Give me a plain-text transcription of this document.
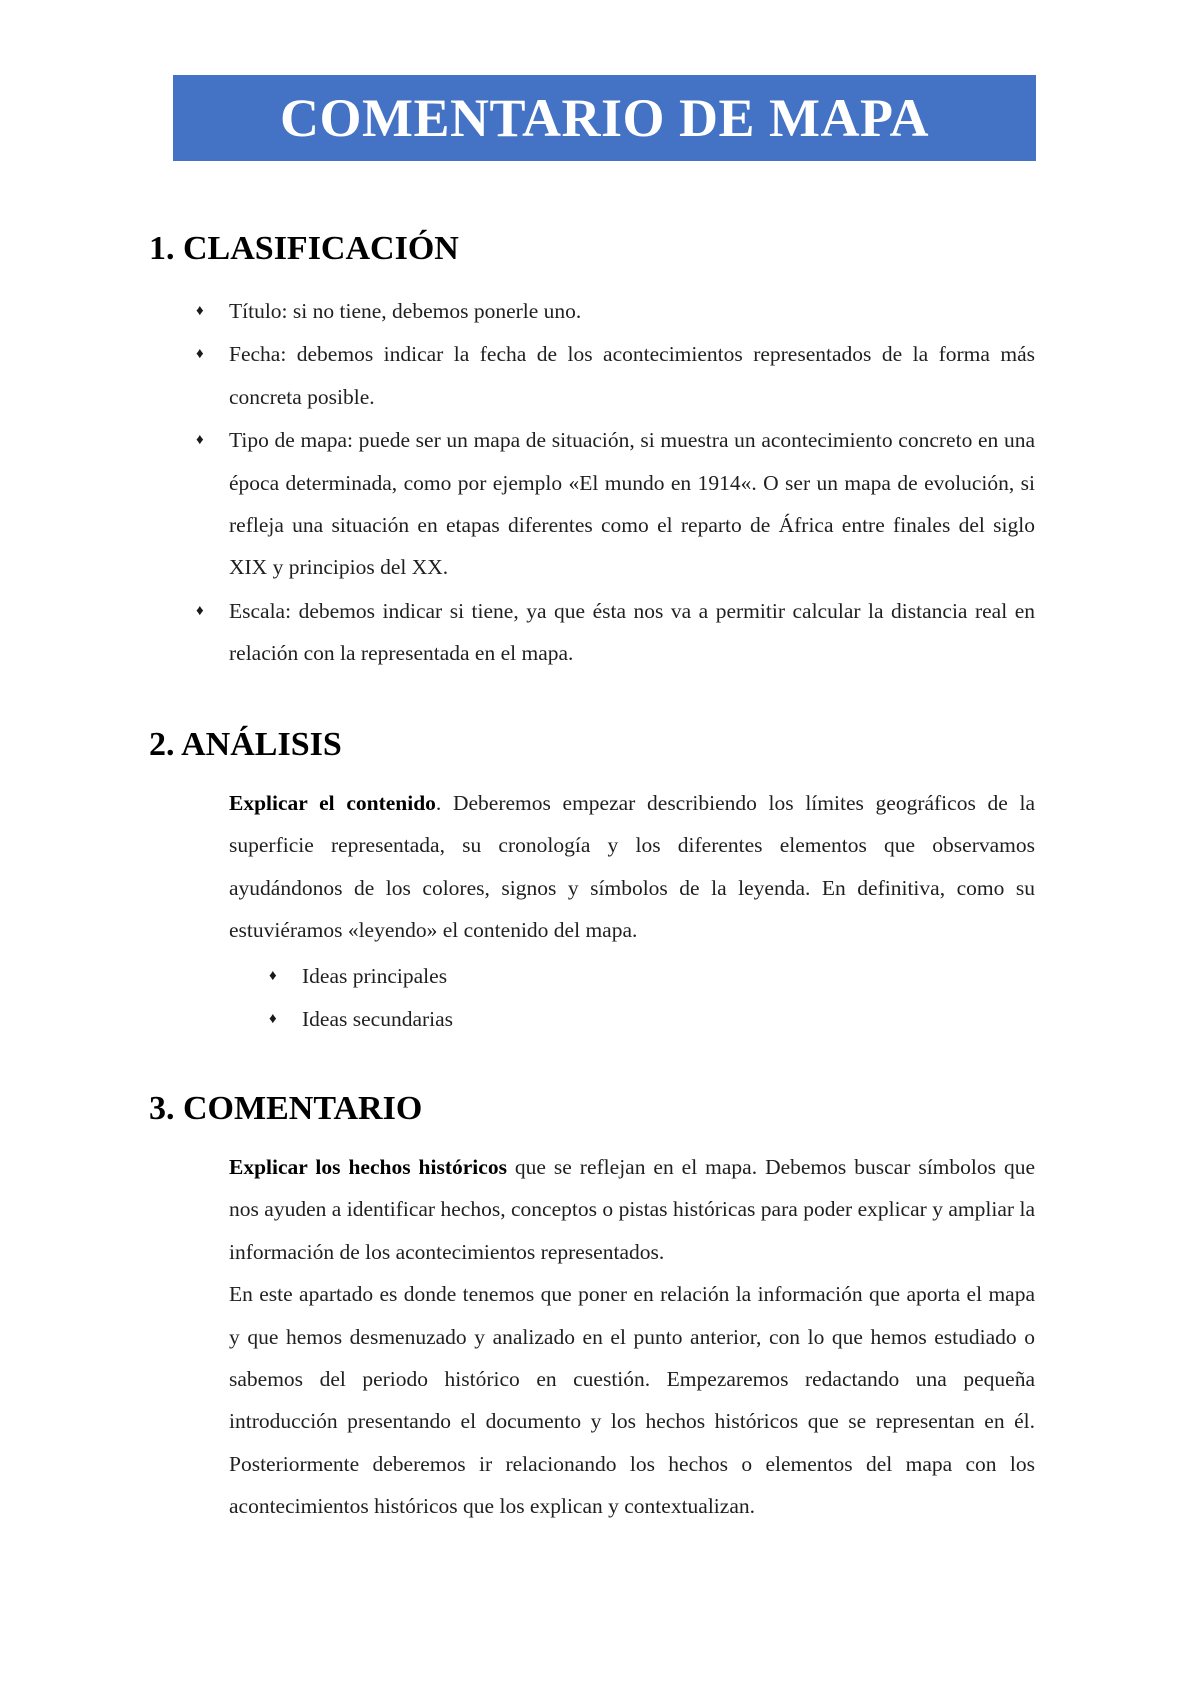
COMENTARIO DE MAPA
1. CLASIFICACIÓN
♦ Título: si no tiene, debemos ponerle uno.
♦ Fecha: debemos indicar la fecha de los acontecimientos representados de la forma más concreta posible.
♦ Tipo de mapa: puede ser un mapa de situación, si muestra un acontecimiento concreto en una época determinada, como por ejemplo «El mundo en 1914«. O ser un mapa de evolución, si refleja una situación en etapas diferentes como el reparto de África entre finales del siglo XIX y principios del XX.
♦ Escala: debemos indicar si tiene, ya que ésta nos va a permitir calcular la distancia real en relación con la representada en el mapa.
2. ANÁLISIS

Explicar el contenido. Deberemos empezar describiendo los límites geográficos de la superficie representada, su cronología y los diferentes elementos que observamos ayudándonos de los colores, signos y símbolos de la leyenda. En definitiva, como su estuviéramos «leyendo» el contenido del mapa.

♦ Ideas principales
♦ Ideas secundarias
3. COMENTARIO

Explicar los hechos históricos que se reflejan en el mapa. Debemos buscar símbolos que nos ayuden a identificar hechos, conceptos o pistas históricas para poder explicar y ampliar la información de los acontecimientos representados.

En este apartado es donde tenemos que poner en relación la información que aporta el mapa y que hemos desmenuzado y analizado en el punto anterior, con lo que hemos estudiado o sabemos del periodo histórico en cuestión. Empezaremos redactando una pequeña introducción presentando el documento y los hechos históricos que se representan en él. Posteriormente deberemos ir relacionando los hechos o elementos del mapa con los acontecimientos históricos que los explican y contextualizan.
